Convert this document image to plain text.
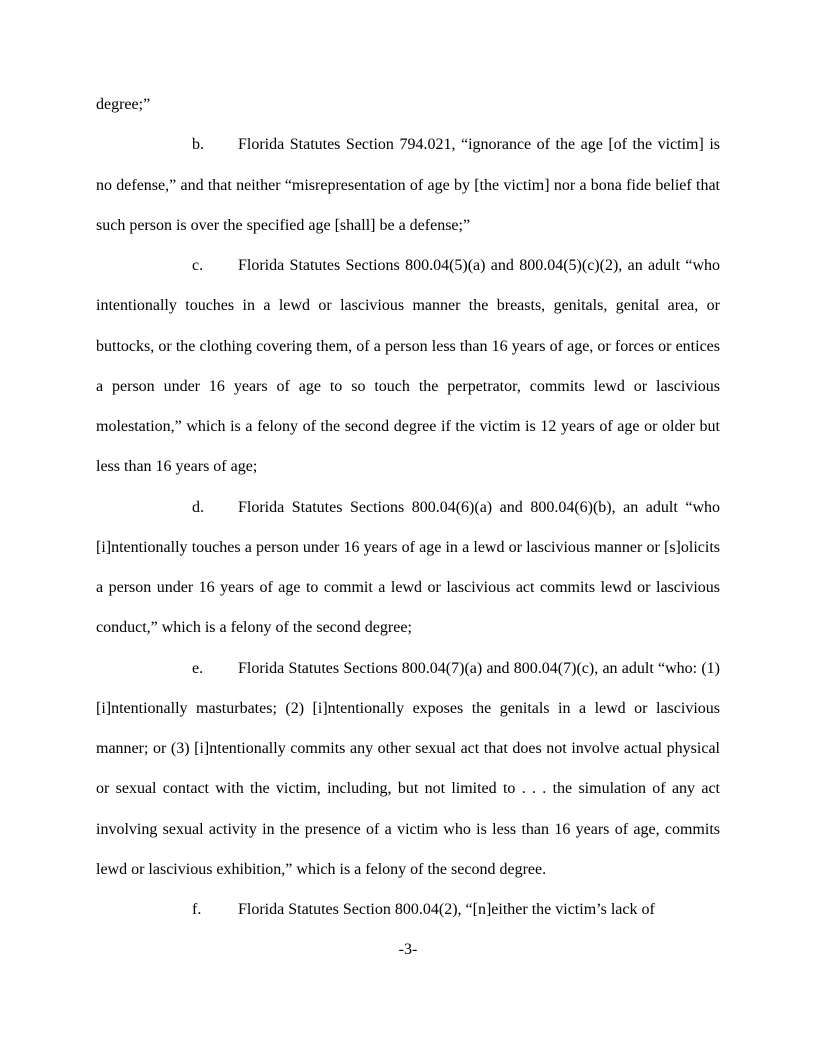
degree;”

b. Florida Statutes Section 794.021, “ignorance of the age [of the victim] is no defense,” and that neither “misrepresentation of age by [the victim] nor a bona fide belief that such person is over the specified age [shall] be a defense;”

c. Florida Statutes Sections 800.04(5)(a) and 800.04(5)(c)(2), an adult “who intentionally touches in a lewd or lascivious manner the breasts, genitals, genital area, or buttocks, or the clothing covering them, of a person less than 16 years of age, or forces or entices a person under 16 years of age to so touch the perpetrator, commits lewd or lascivious molestation,” which is a felony of the second degree if the victim is 12 years of age or older but less than 16 years of age;

d. Florida Statutes Sections 800.04(6)(a) and 800.04(6)(b), an adult “who [i]ntentionally touches a person under 16 years of age in a lewd or lascivious manner or [s]olicits a person under 16 years of age to commit a lewd or lascivious act commits lewd or lascivious conduct,” which is a felony of the second degree;

e. Florida Statutes Sections 800.04(7)(a) and 800.04(7)(c), an adult “who: (1) [i]ntentionally masturbates; (2) [i]ntentionally exposes the genitals in a lewd or lascivious manner; or (3) [i]ntentionally commits any other sexual act that does not involve actual physical or sexual contact with the victim, including, but not limited to . . . the simulation of any act involving sexual activity in the presence of a victim who is less than 16 years of age, commits lewd or lascivious exhibition,” which is a felony of the second degree.

f. Florida Statutes Section 800.04(2), “[n]either the victim’s lack of

-3-
